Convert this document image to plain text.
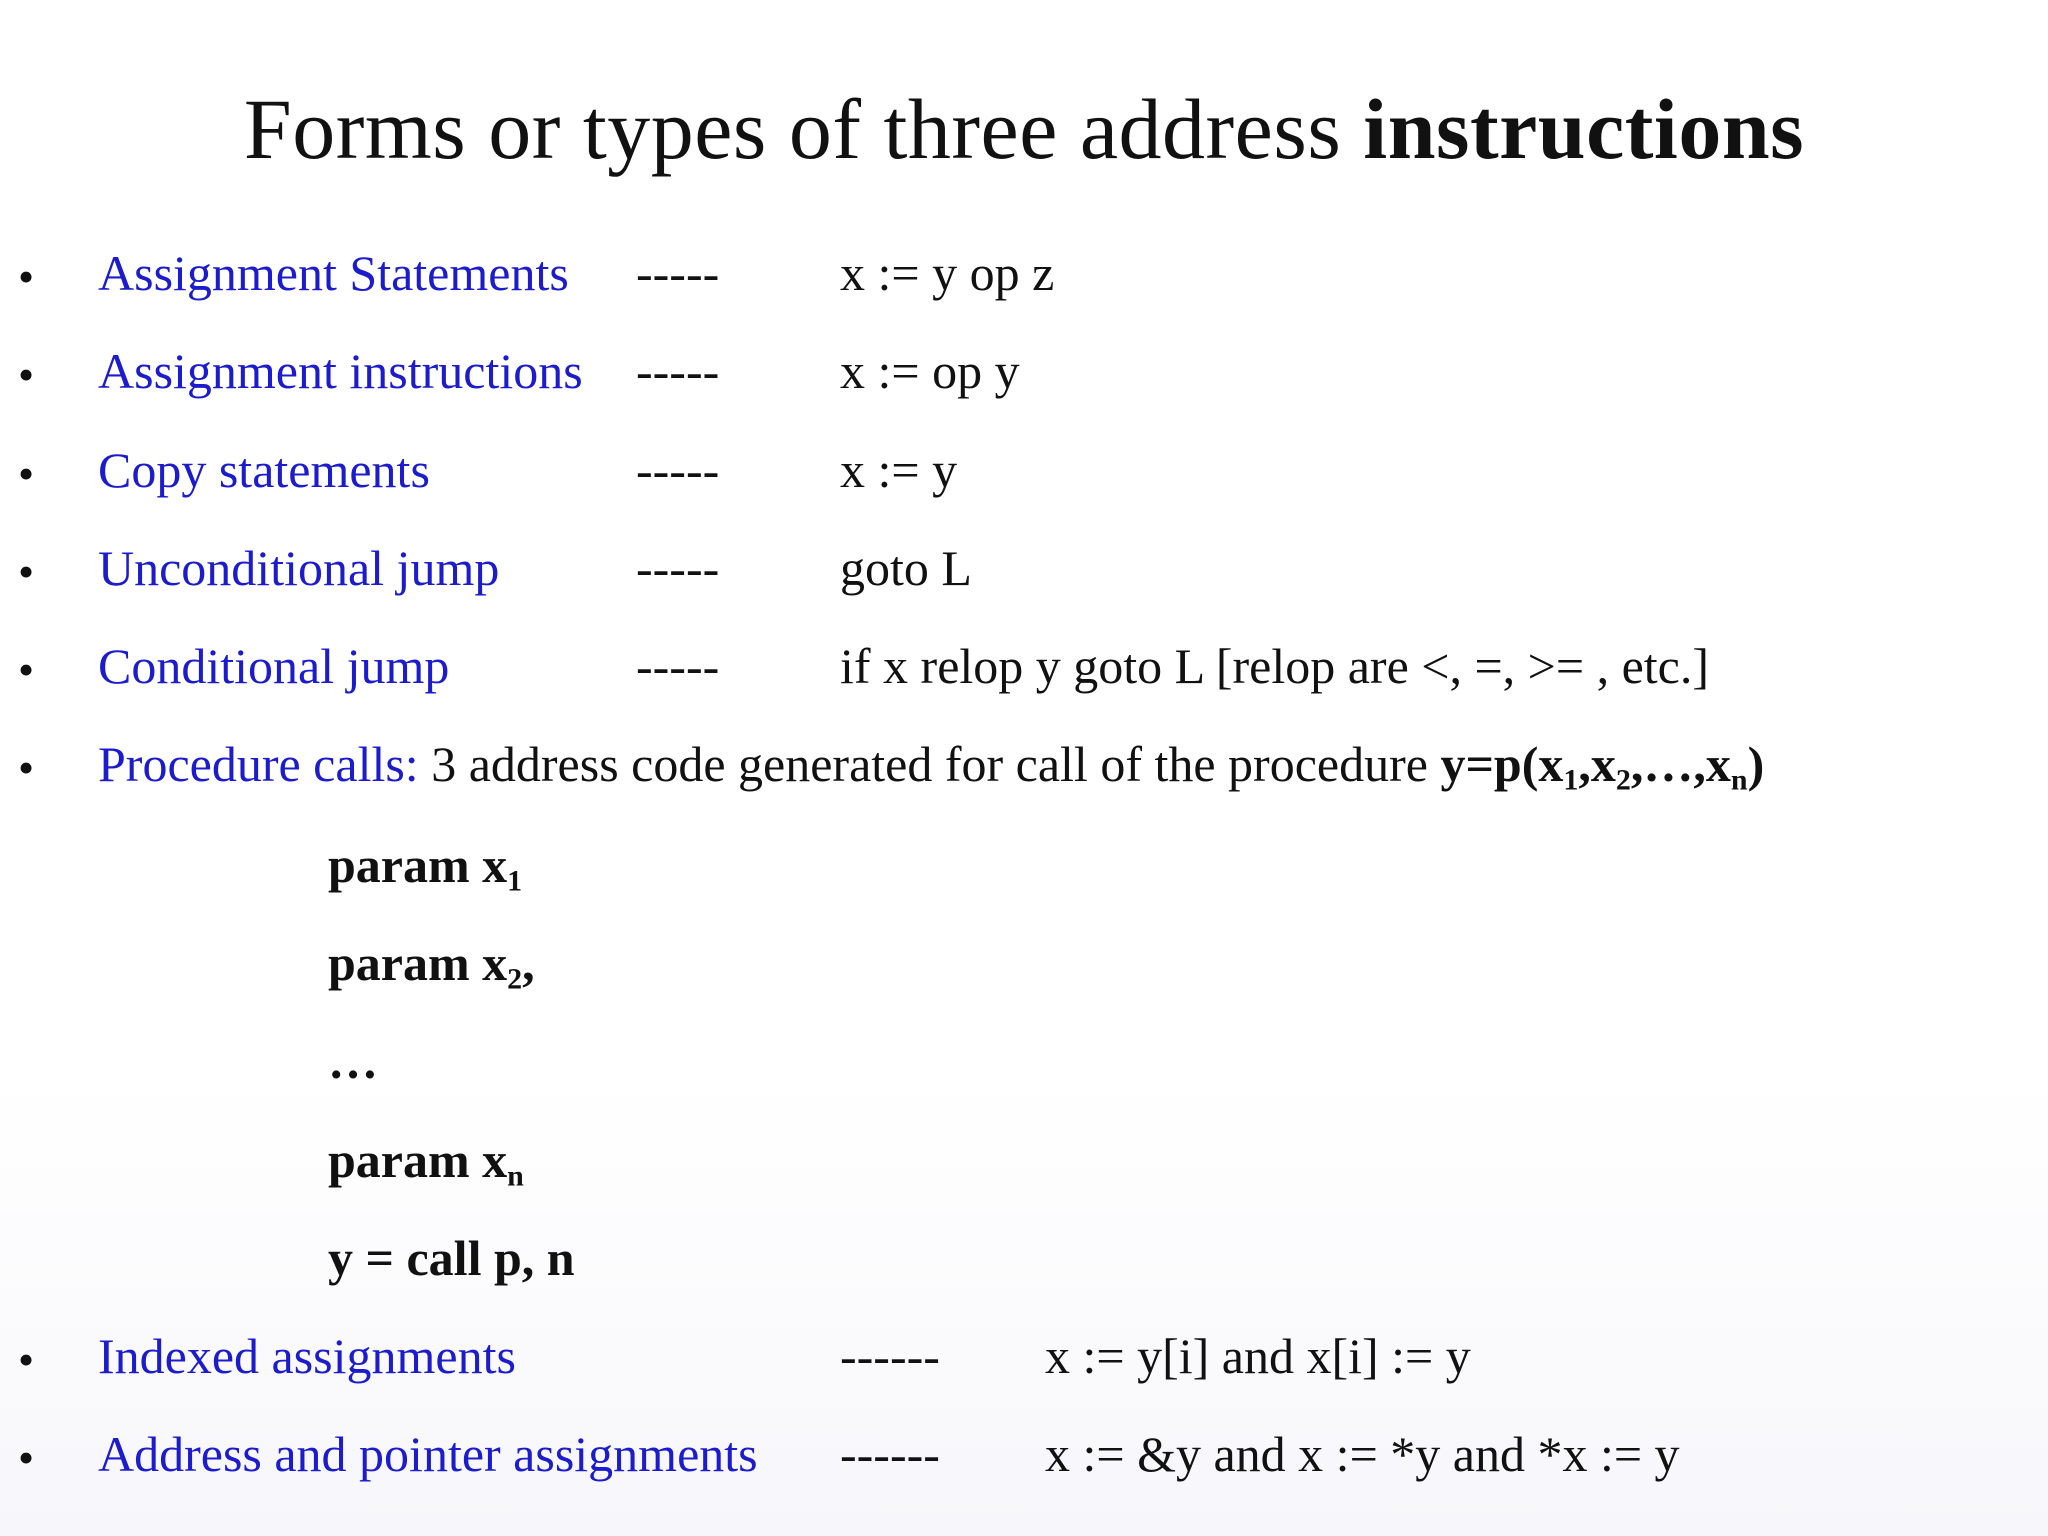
Forms or types of three address instructions
• Assignment Statements ----- x := y op z
• Assignment instructions ----- x := op y
• Copy statements	----- x := y
• Unconditional jump	----- goto L
• Conditional jump	----- if x relop y goto L [relop are <, =, >= , etc.]
• Procedure calls: 3 address code generated for call of the procedure $y=p(x_1,x_2,\dots,x_n)$
param $x_1$
param $x_2$,
…
param $x_n$
y = call p, n
• Indexed assignments	------ x := y[i] and x[i] := y
• Address and pointer assignments ------ x := &y and x := *y and *x := y
